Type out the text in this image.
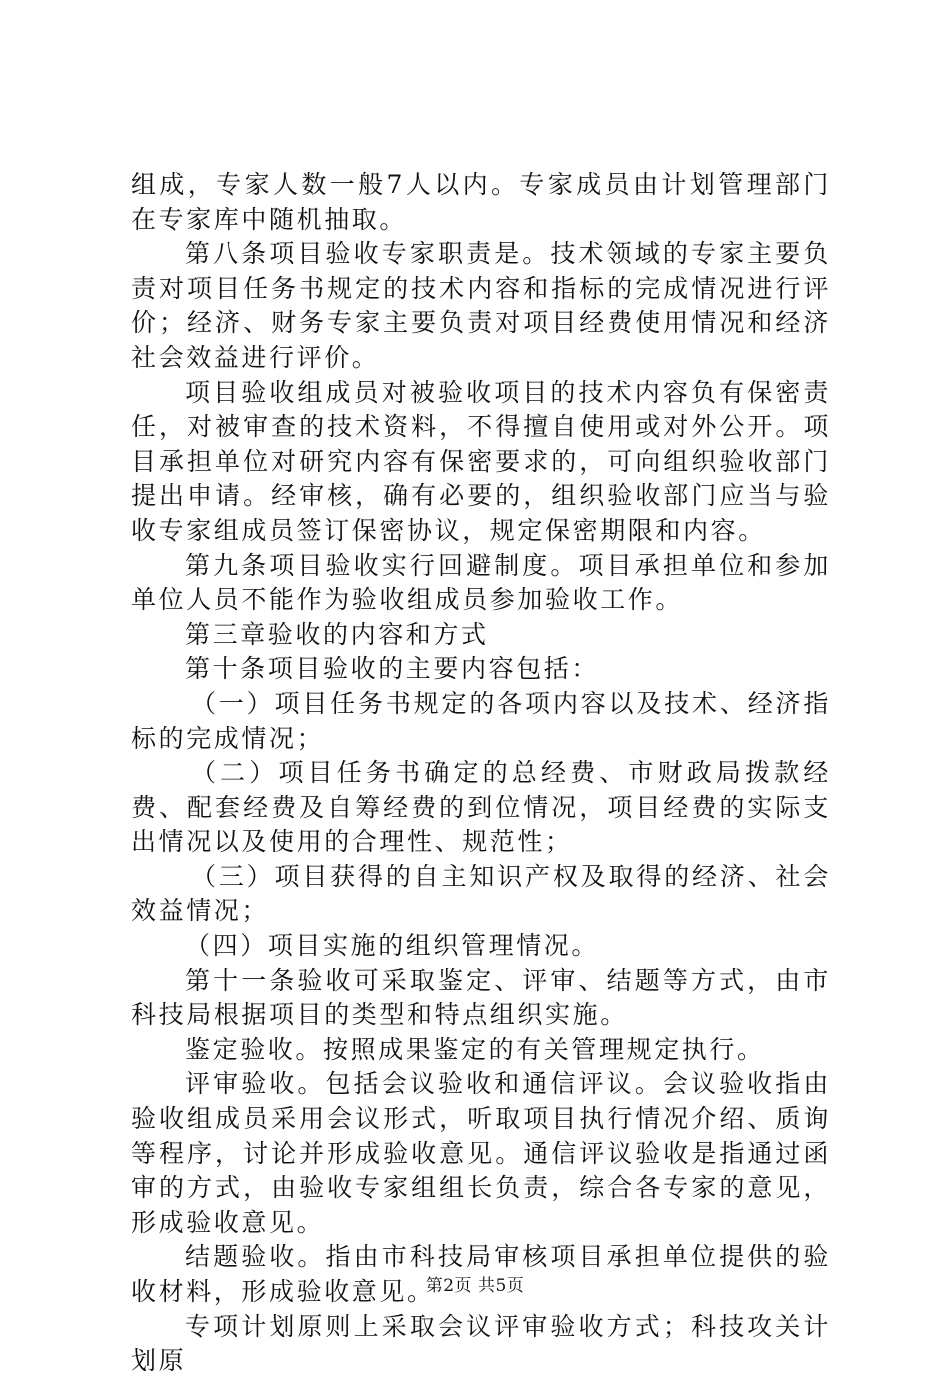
组成，专家人数一般7人以内。专家成员由计划管理部门在专家库中随机抽取。

第八条项目验收专家职责是。技术领域的专家主要负责对项目任务书规定的技术内容和指标的完成情况进行评价；经济、财务专家主要负责对项目经费使用情况和经济社会效益进行评价。

项目验收组成员对被验收项目的技术内容负有保密责任，对被审查的技术资料，不得擅自使用或对外公开。项目承担单位对研究内容有保密要求的，可向组织验收部门提出申请。经审核，确有必要的，组织验收部门应当与验收专家组成员签订保密协议，规定保密期限和内容。

第九条项目验收实行回避制度。项目承担单位和参加单位人员不能作为验收组成员参加验收工作。

第三章验收的内容和方式

第十条项目验收的主要内容包括：

（一）项目任务书规定的各项内容以及技术、经济指标的完成情况；

（二）项目任务书确定的总经费、市财政局拨款经费、配套经费及自筹经费的到位情况，项目经费的实际支出情况以及使用的合理性、规范性；

（三）项目获得的自主知识产权及取得的经济、社会效益情况；

（四）项目实施的组织管理情况。

第十一条验收可采取鉴定、评审、结题等方式，由市科技局根据项目的类型和特点组织实施。

鉴定验收。按照成果鉴定的有关管理规定执行。

评审验收。包括会议验收和通信评议。会议验收指由验收组成员采用会议形式，听取项目执行情况介绍、质询等程序，讨论并形成验收意见。通信评议验收是指通过函审的方式，由验收专家组组长负责，综合各专家的意见，形成验收意见。

结题验收。指由市科技局审核项目承担单位提供的验收材料，形成验收意见。

专项计划原则上采取会议评审验收方式；科技攻关计划原

第2页 共5页
